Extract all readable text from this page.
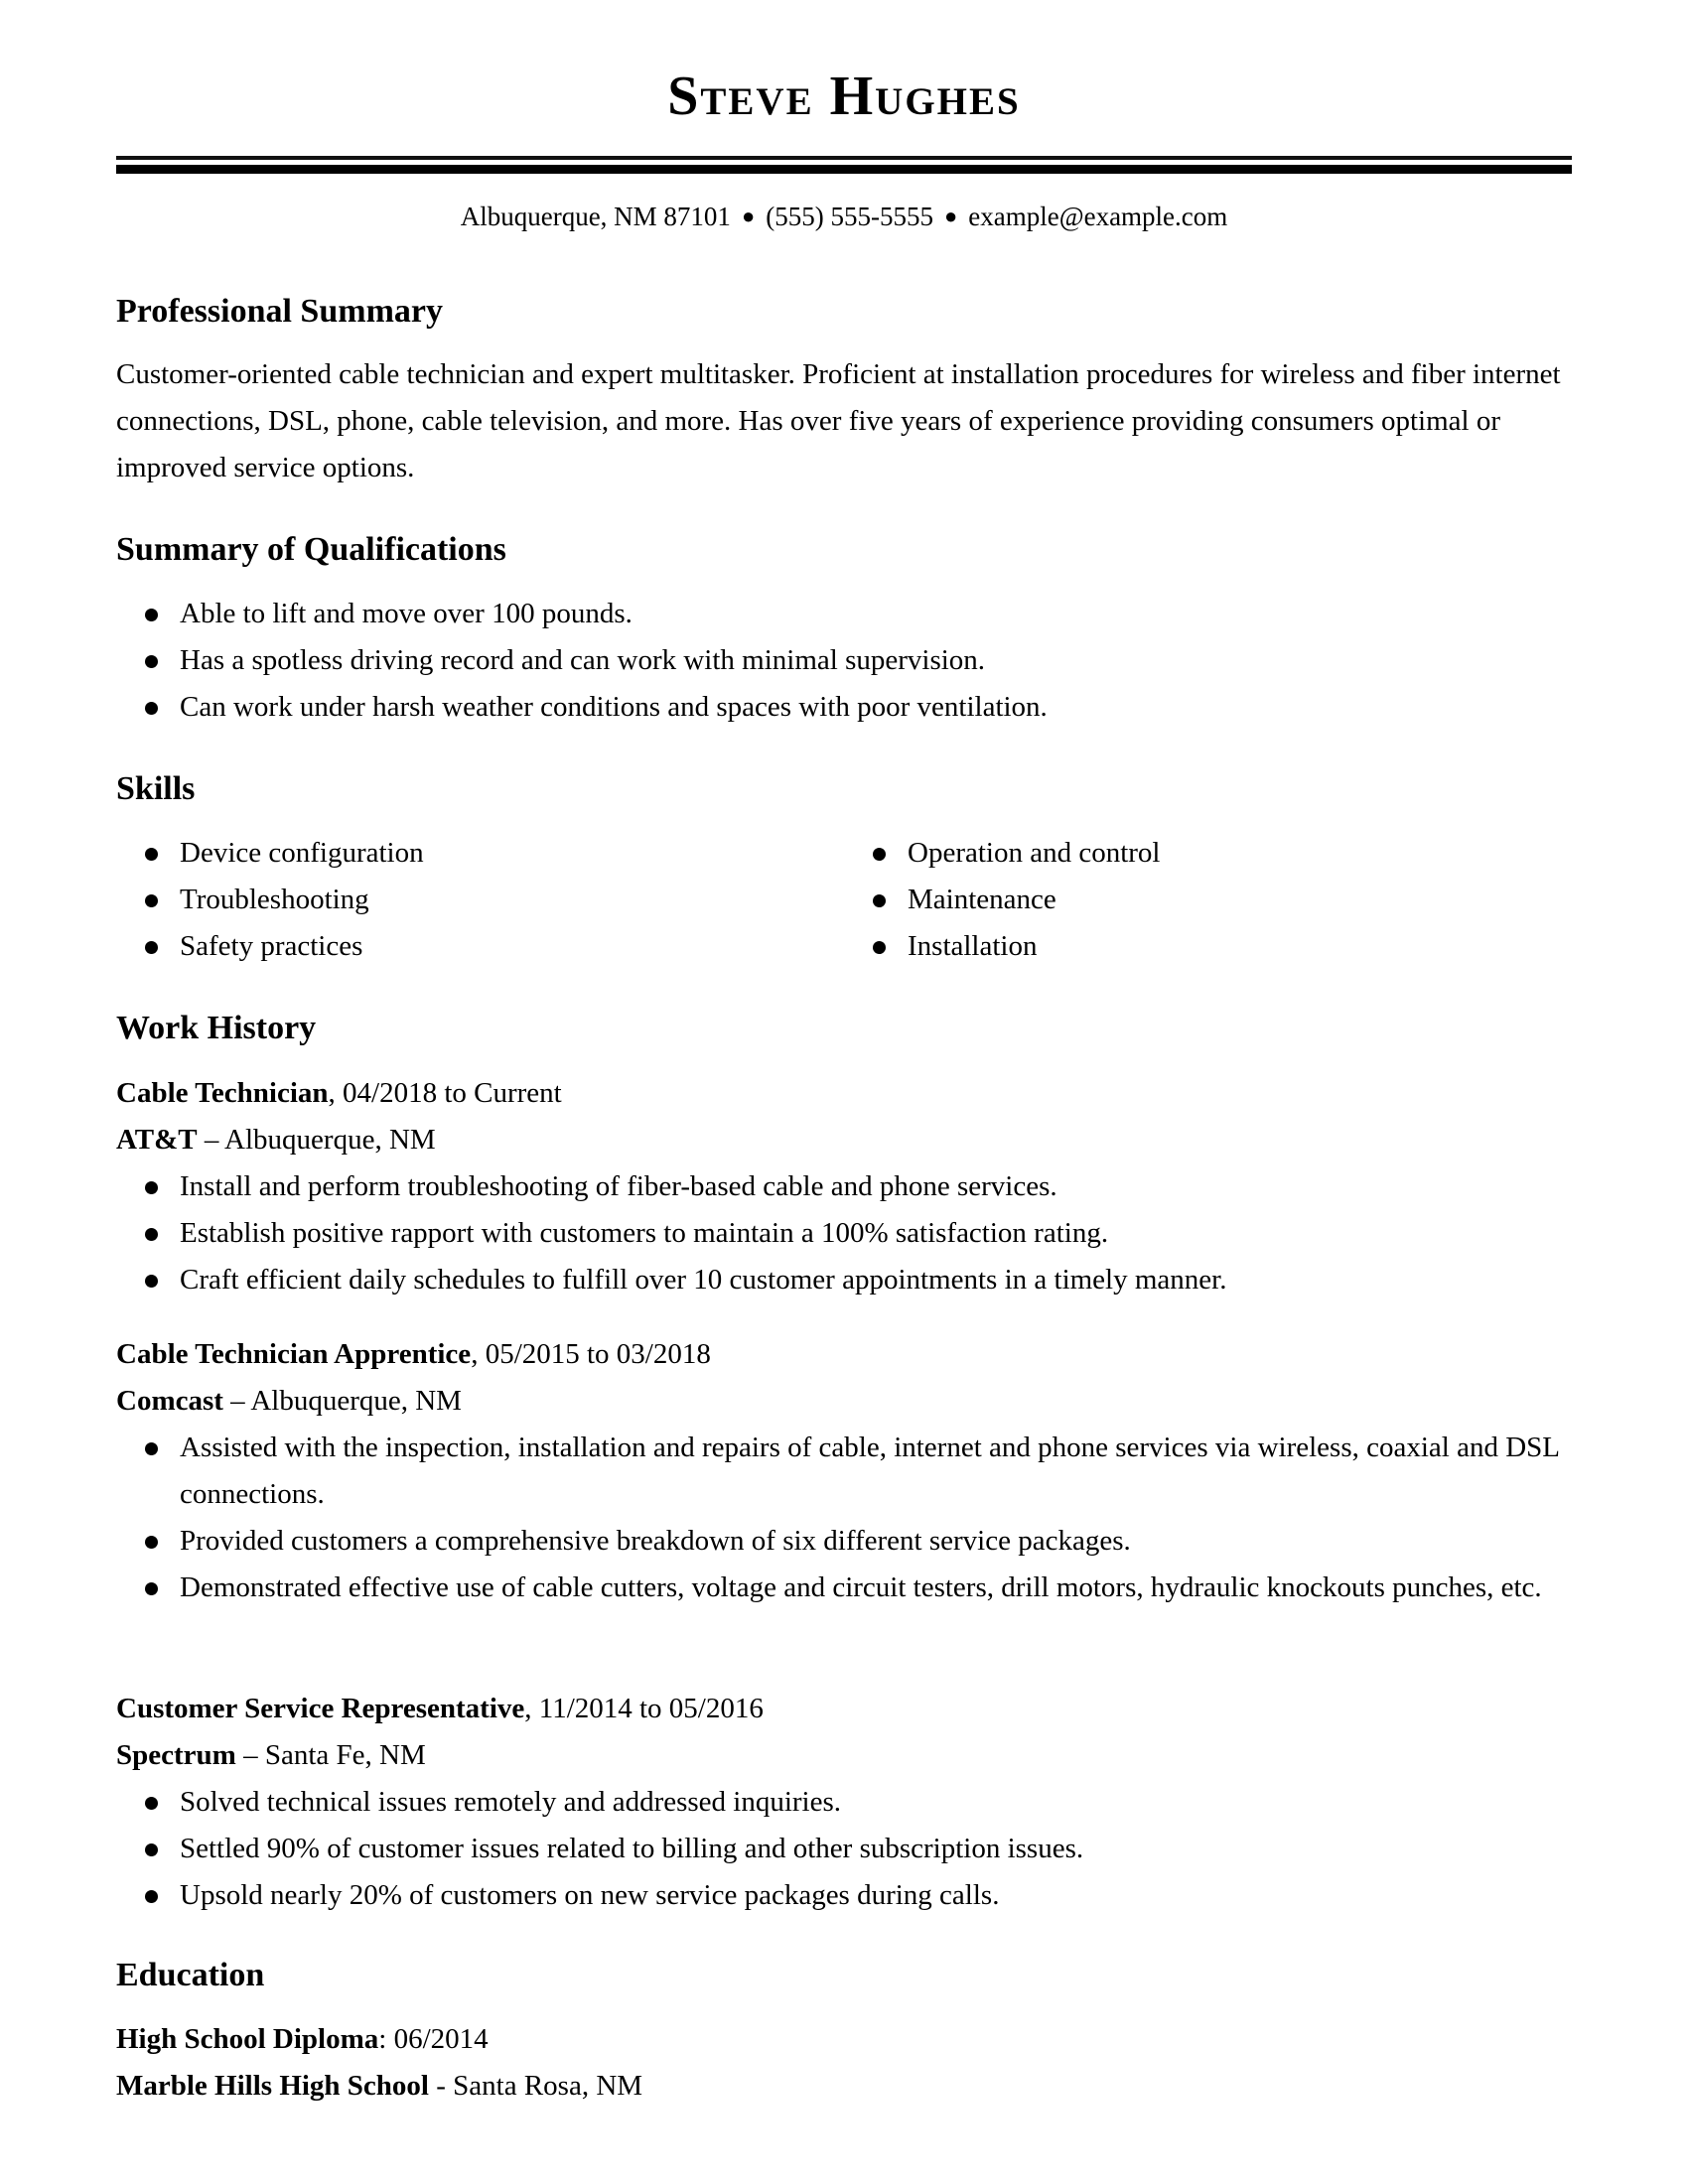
Steve Hughes
Albuquerque, NM 87101 ● (555) 555-5555 ● example@example.com
Professional Summary
Customer-oriented cable technician and expert multitasker. Proficient at installation procedures for wireless and fiber internet connections, DSL, phone, cable television, and more. Has over five years of experience providing consumers optimal or improved service options.
Summary of Qualifications
Able to lift and move over 100 pounds.
Has a spotless driving record and can work with minimal supervision.
Can work under harsh weather conditions and spaces with poor ventilation.
Skills
Device configuration
Troubleshooting
Safety practices
Operation and control
Maintenance
Installation
Work History
Cable Technician, 04/2018 to Current
AT&T – Albuquerque, NM
Install and perform troubleshooting of fiber-based cable and phone services.
Establish positive rapport with customers to maintain a 100% satisfaction rating.
Craft efficient daily schedules to fulfill over 10 customer appointments in a timely manner.
Cable Technician Apprentice, 05/2015 to 03/2018
Comcast – Albuquerque, NM
Assisted with the inspection, installation and repairs of cable, internet and phone services via wireless, coaxial and DSL connections.
Provided customers a comprehensive breakdown of six different service packages.
Demonstrated effective use of cable cutters, voltage and circuit testers, drill motors, hydraulic knockouts punches, etc.
Customer Service Representative, 11/2014 to 05/2016
Spectrum – Santa Fe, NM
Solved technical issues remotely and addressed inquiries.
Settled 90% of customer issues related to billing and other subscription issues.
Upsold nearly 20% of customers on new service packages during calls.
Education
High School Diploma: 06/2014
Marble Hills High School - Santa Rosa, NM
